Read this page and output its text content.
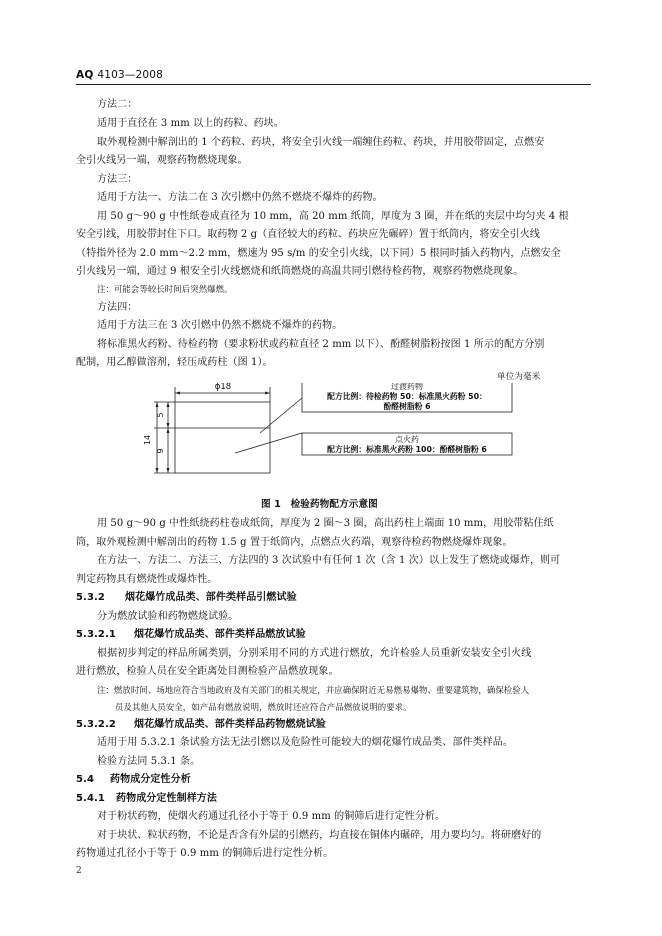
AQ 4103—2008
方法二：
适用于直径在 3 mm 以上的药粒、药块。
取外观检测中解剖出的 1 个药粒、药块，将安全引火线一端缠住药粒、药块，并用胶带固定，点燃安
全引火线另一端，观察药物燃烧现象。
方法三：
适用于方法一、方法二在 3 次引燃中仍然不燃烧不爆炸的药物。
用 50 g～90 g 中性纸卷成直径为 10 mm，高 20 mm 纸筒，厚度为 3 圈，并在纸的夹层中均匀夹 4 根
安全引线，用胶带封住下口。取药物 2 g（直径较大的药粒、药块应先碾碎）置于纸筒内，将安全引火线
（特指外径为 2.0 mm～2.2 mm，燃速为 95 s/m 的安全引火线，以下同）5 根同时插入药物内，点燃安全
引火线另一端，通过 9 根安全引火线燃烧和纸筒燃烧的高温共同引燃待检药物，观察药物燃烧现象。
注：可能会等较长时间后突然爆燃。
方法四：
适用于方法三在 3 次引燃中仍然不燃烧不爆炸的药物。
将标准黑火药粉、待检药物（要求粉状或药粒直径 2 mm 以下）、酚醛树脂粉按图 1 所示的配方分别
配制，用乙醇做溶剂，轻压成药柱（图 1）。
单位为毫米
ϕ18
14
5
9
过渡药物
配方比例：待检药物 50：标准黑火药粉 50：
酚醛树脂粉 6
点火药
配方比例：标准黑火药粉 100：酚醛树脂粉 6
图 1　检验药物配方示意图
用 50 g～90 g 中性纸绕药柱卷成纸筒，厚度为 2 圈～3 圈，高出药柱上端面 10 mm，用胶带粘住纸
筒，取外观检测中解剖出的药物 1.5 g 置于纸筒内，点燃点火药端，观察待检药物燃烧爆炸现象。
在方法一、方法二、方法三、方法四的 3 次试验中有任何 1 次（含 1 次）以上发生了燃烧或爆炸，则可
判定药物具有燃烧性或爆炸性。
5.3.2 烟花爆竹成品类、部件类样品引燃试验
分为燃放试验和药物燃烧试验。
5.3.2.1 烟花爆竹成品类、部件类样品燃放试验
根据初步判定的样品所属类别，分别采用不同的方式进行燃放，允许检验人员重新安装安全引火线
进行燃放，检验人员在安全距离处目测检验产品燃放现象。
注：燃放时间、场地应符合当地政府及有关部门的相关规定，并应确保附近无易燃易爆物、重要建筑物，确保检验人
员及其他人员安全，如产品有燃放说明，燃放时还应符合产品燃放说明的要求。
5.3.2.2 烟花爆竹成品类、部件类样品药物燃烧试验
适用于用 5.3.2.1 条试验方法无法引燃以及危险性可能较大的烟花爆竹成品类、部件类样品。
检验方法同 5.3.1 条。
5.4 药物成分定性分析
5.4.1 药物成分定性制样方法
对于粉状药物，使烟火药通过孔径小于等于 0.9 mm 的铜筛后进行定性分析。
对于块状、粒状药物，不论是否含有外层的引燃药，均直接在铜体内碾碎，用力要均匀。将研磨好的
药物通过孔径小于等于 0.9 mm 的铜筛后进行定性分析。
2
